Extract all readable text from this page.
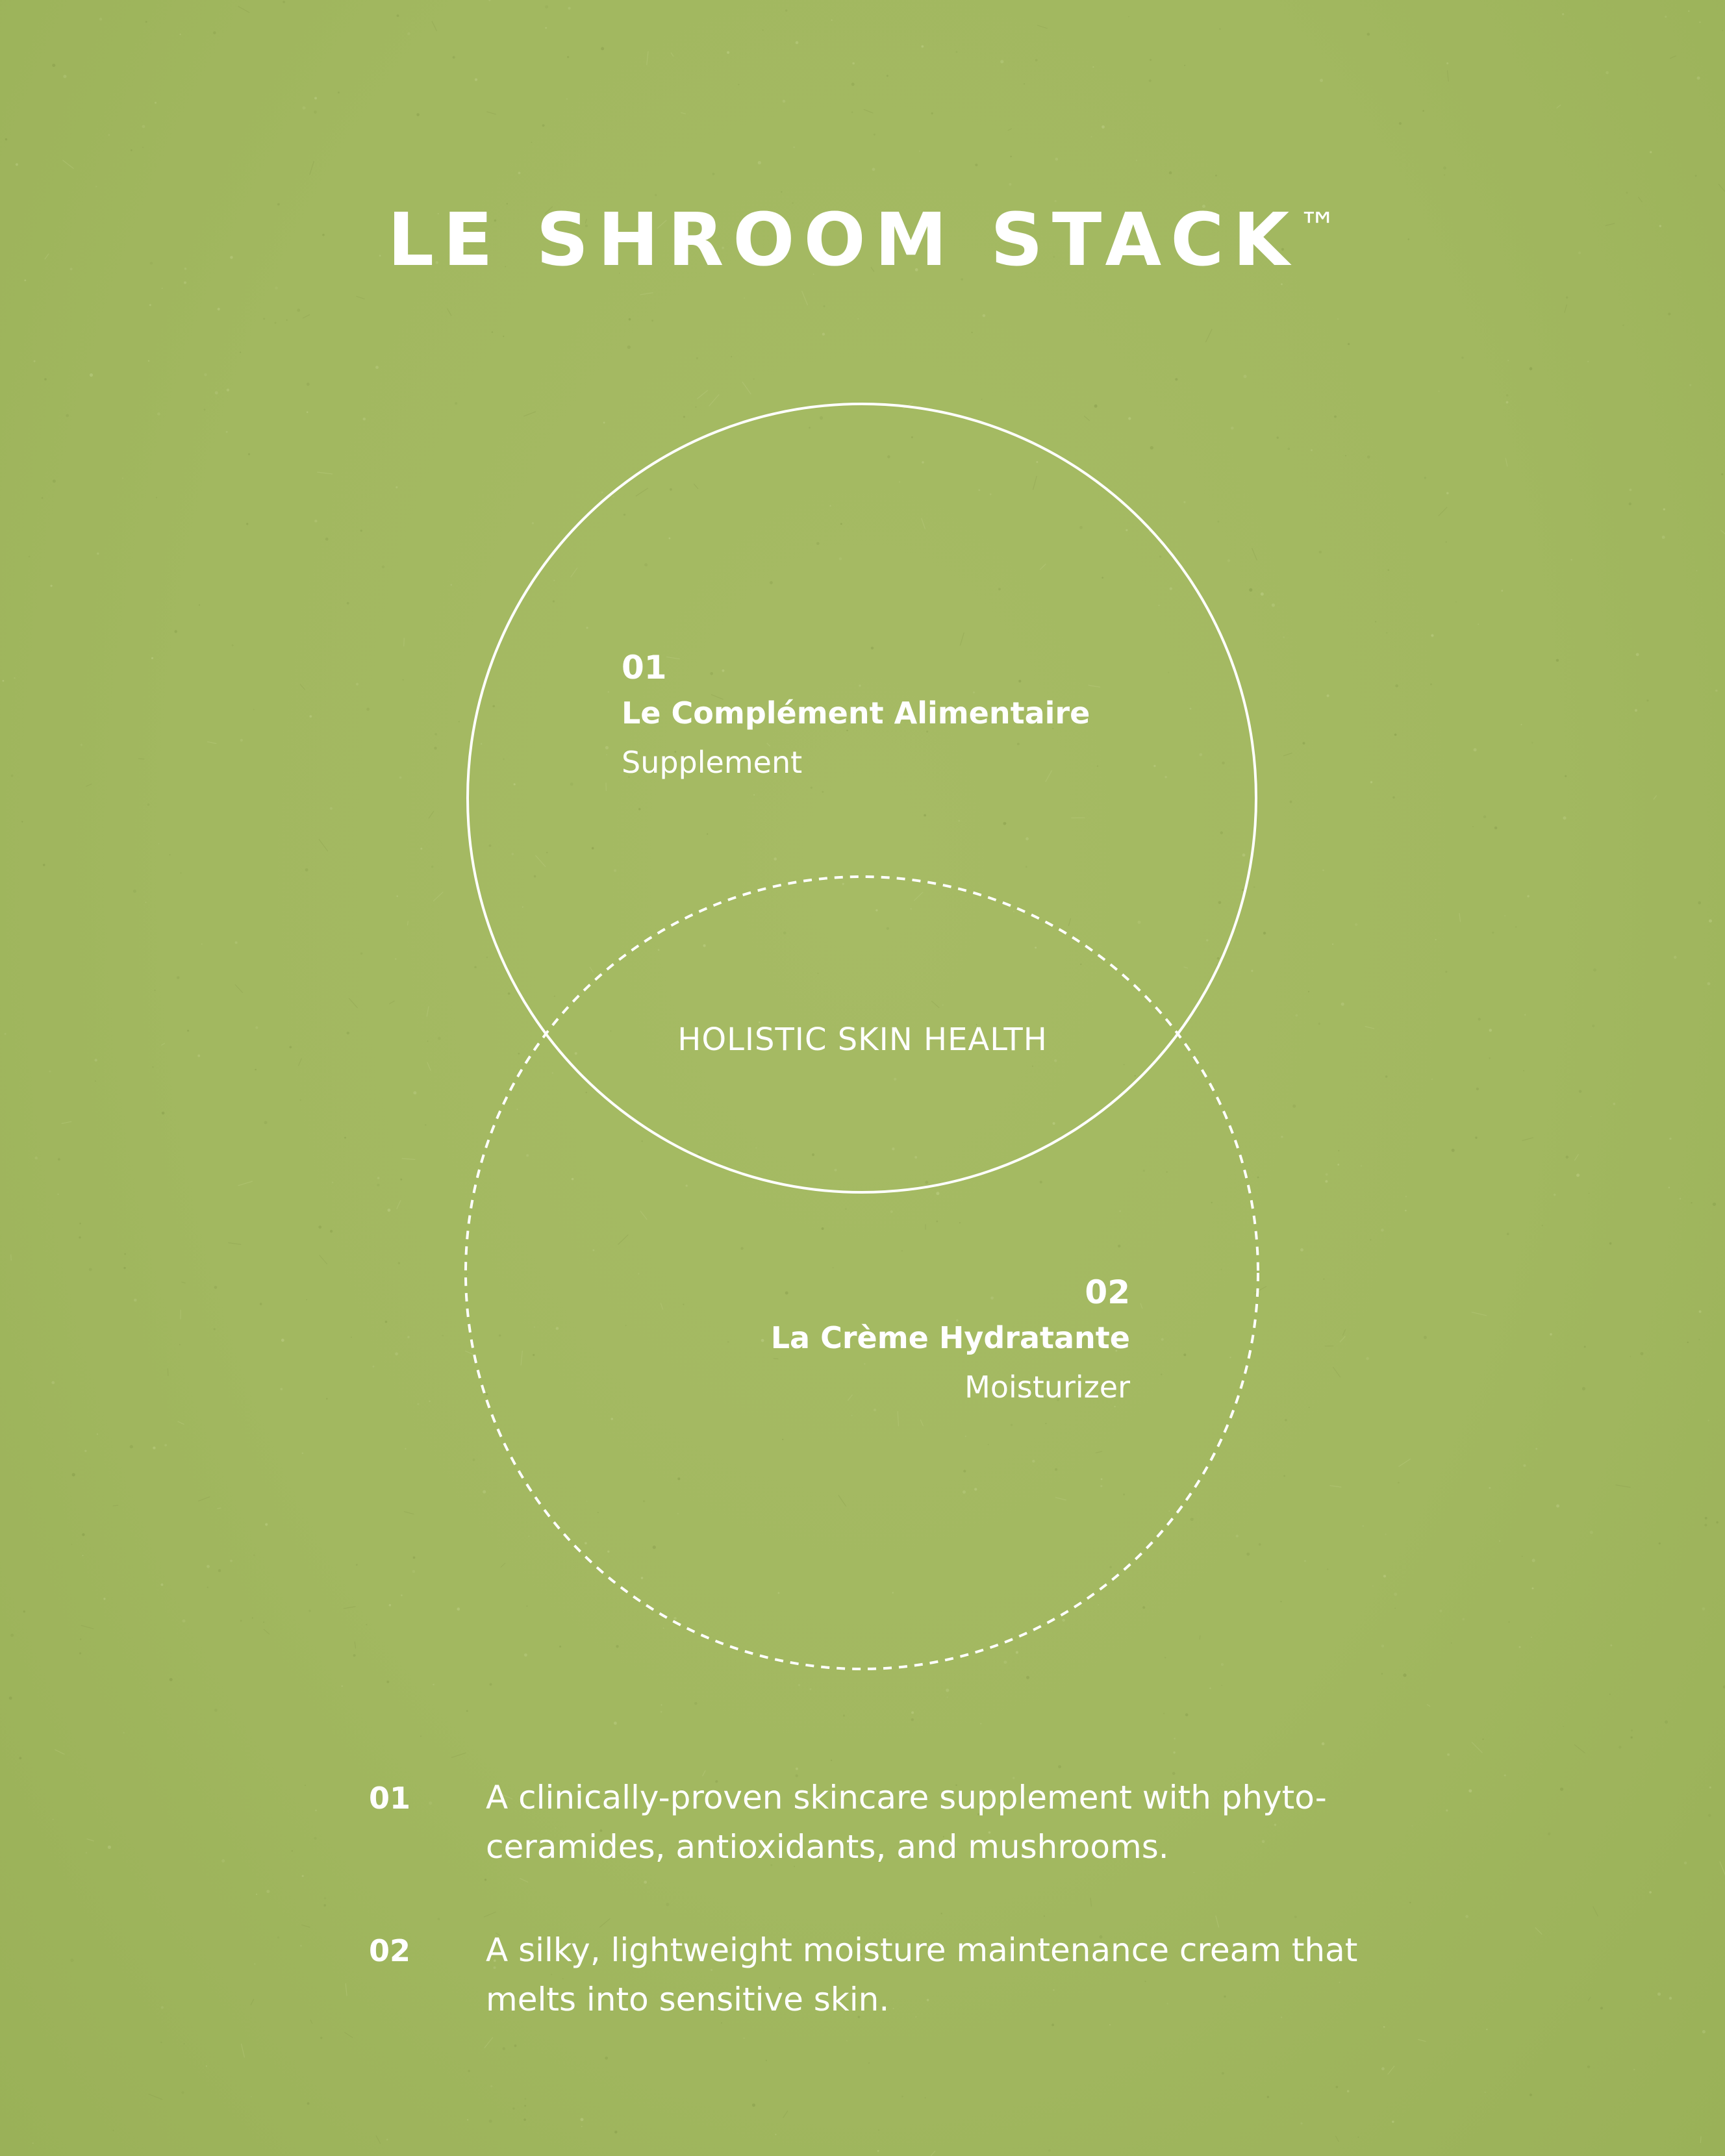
LE SHROOM STACK™
01
Le Complément Alimentaire
Supplement
HOLISTIC SKIN HEALTH
02
La Crème Hydratante
Moisturizer
01 A clinically-proven skincare supplement with phyto-ceramides, antioxidants, and mushrooms.
02 A silky, lightweight moisture maintenance cream that melts into sensitive skin.
